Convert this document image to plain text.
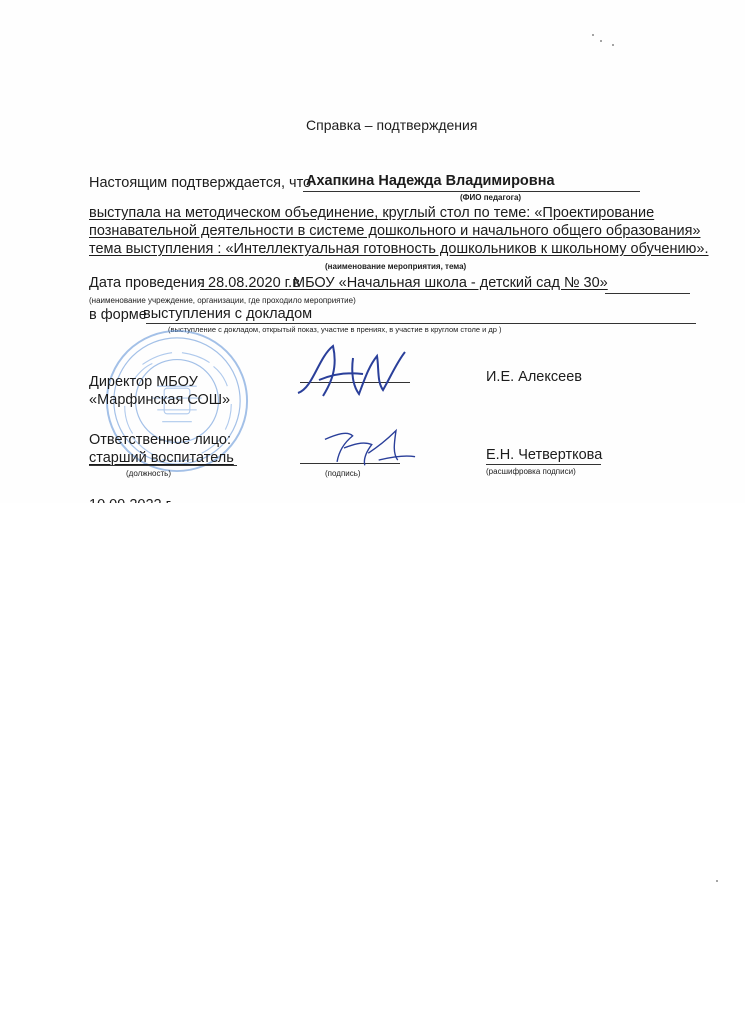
Справка – подтверждения
Настоящим подтверждается, что
Ахапкина Надежда Владимировна
(ФИО педагога)
выступала на методическом объединение, круглый стол по теме: «Проектирование
познавательной деятельности в системе дошкольного и начального общего образования»
тема выступления : «Интеллектуальная готовность дошкольников к школьному обучению».
(наименование мероприятия, тема)
Дата проведения
: 28.08.2020 г.в
МБОУ «Начальная школа - детский сад № 30»
(наименование учреждение, организации, где проходило мероприятие)
в форме
выступления с докладом
(выступление с докладом, открытый показ, участие в прениях, в участие в круглом столе и др )
Директор МБОУ
«Марфинская СОШ»
И.Е. Алексеев
Ответственное лицо:
старший воспитатель
(должность)	(подпись)
Е.Н. Четверткова
(расшифровка подписи)
